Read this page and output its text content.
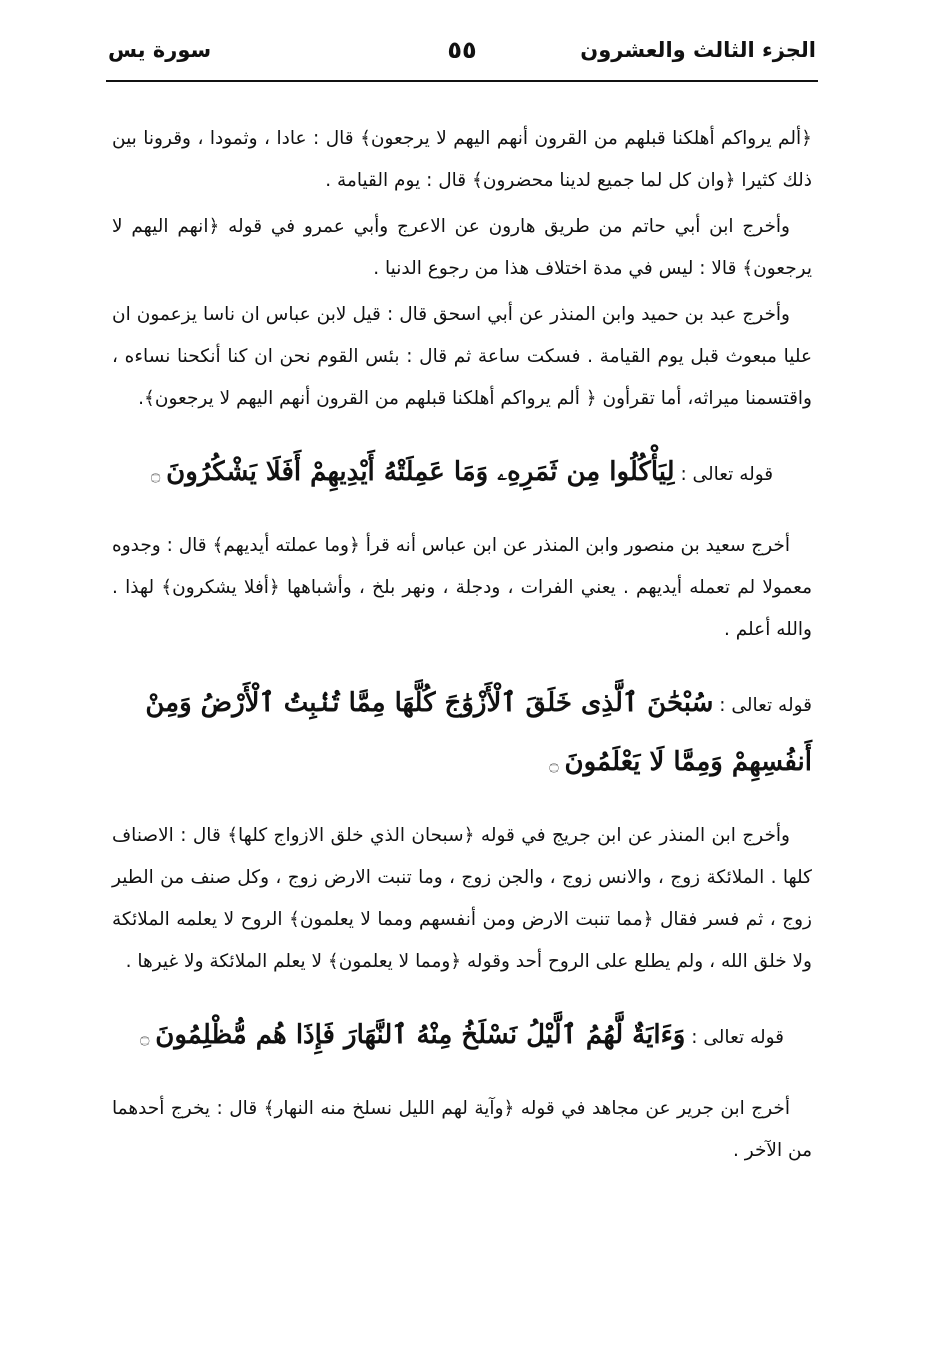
الجزء الثالث والعشرون
٥٥
سورة يس

﴿ألم يرواكم أهلكنا قبلهم من القرون أنهم اليهم لا يرجعون﴾ قال : عادا ، وثمودا ، وقرونا بين ذلك كثيرا ﴿وان كل لما جميع لدينا محضرون﴾ قال : يوم القيامة .

وأخرج ابن أبي حاتم من طريق هارون عن الاعرج وأبي عمرو في قوله ﴿انهم اليهم لا يرجعون﴾ قالا : ليس في مدة اختلاف هذا من رجوع الدنيا .

وأخرج عبد بن حميد وابن المنذر عن أبي اسحق قال : قيل لابن عباس ان ناسا يزعمون ان عليا مبعوث قبل يوم القيامة . فسكت ساعة ثم قال : بئس القوم نحن ان كنا أنكحنا نساءه ، واقتسمنا ميراثه، أما تقرأون ﴿ ألم يرواكم أهلكنا قبلهم من القرون أنهم اليهم لا يرجعون﴾.

قوله تعالى : لِيَأْكُلُوا مِن ثَمَرِهِۦ وَمَا عَمِلَتْهُ أَيْدِيهِمْ أَفَلَا يَشْكُرُونَ ۝

أخرج سعيد بن منصور وابن المنذر عن ابن عباس أنه قرأ ﴿وما عملته أيديهم﴾ قال : وجدوه معمولا لم تعمله أيديهم . يعني الفرات ، ودجلة ، ونهر بلخ ، وأشباهها ﴿أفلا يشكرون﴾ لهذا . والله أعلم .

قوله تعالى : سُبْحَٰنَ ٱلَّذِى خَلَقَ ٱلْأَزْوَٰجَ كُلَّهَا مِمَّا تُنۢبِتُ ٱلْأَرْضُ وَمِنْ أَنفُسِهِمْ وَمِمَّا لَا يَعْلَمُونَ ۝

وأخرج ابن المنذر عن ابن جريج في قوله ﴿سبحان الذي خلق الازواج كلها﴾ قال : الاصناف كلها . الملائكة زوج ، والانس زوج ، والجن زوج ، وما تنبت الارض زوج ، وكل صنف من الطير زوج ، ثم فسر فقال ﴿مما تنبت الارض ومن أنفسهم ومما لا يعلمون﴾ الروح لا يعلمه الملائكة ولا خلق الله ، ولم يطلع على الروح أحد وقوله ﴿ومما لا يعلمون﴾ لا يعلم الملائكة ولا غيرها .

قوله تعالى : وَءَايَةٌ لَّهُمُ ٱلَّيْلُ نَسْلَخُ مِنْهُ ٱلنَّهَارَ فَإِذَا هُم مُّظْلِمُونَ ۝

أخرج ابن جرير عن مجاهد في قوله ﴿وآية لهم الليل نسلخ منه النهار﴾ قال : يخرج أحدهما من الآخر .
